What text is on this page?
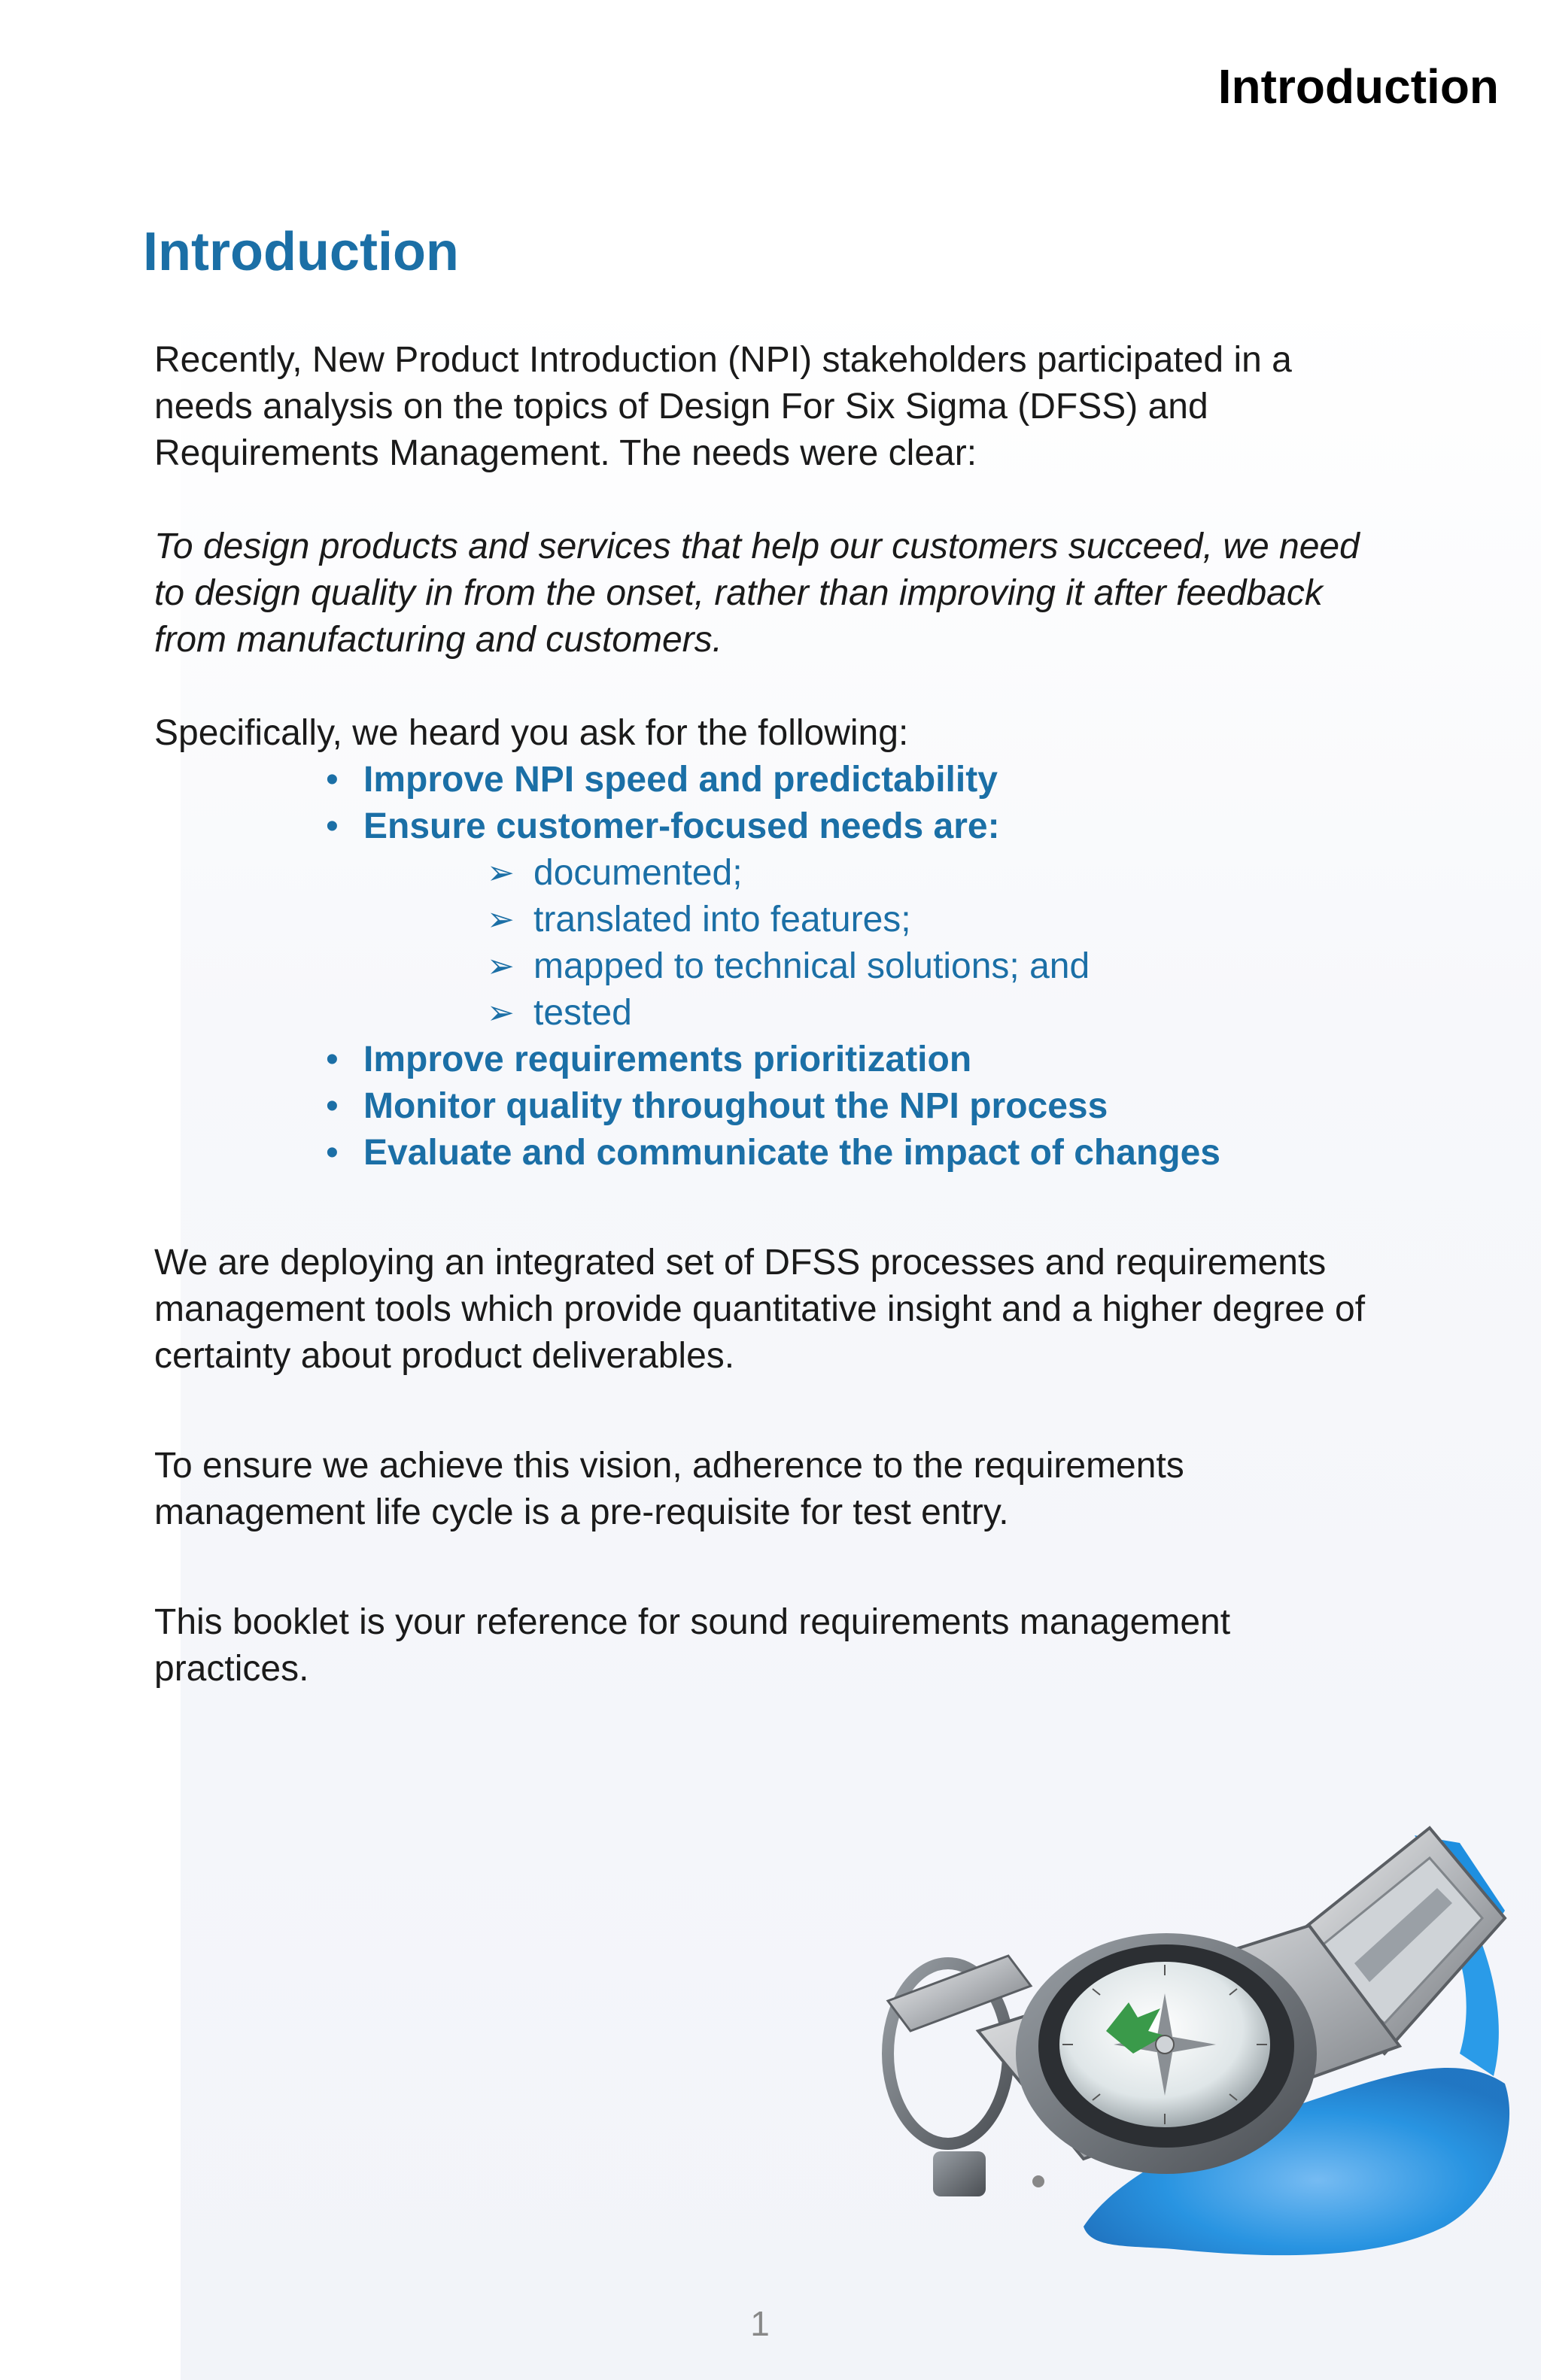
Introduction
Introduction

Recently, New Product Introduction (NPI) stakeholders participated in a needs analysis on the topics of Design For Six Sigma (DFSS) and Requirements Management. The needs were clear:

To design products and services that help our customers succeed, we need to design quality in from the onset, rather than improving it after feedback from manufacturing and customers.

Specifically, we heard you ask for the following:

• Improve NPI speed and predictability
• Ensure customer-focused needs are:
➢ documented;
➢ translated into features;
➢ mapped to technical solutions; and
➢ tested
• Improve requirements prioritization
• Monitor quality throughout the NPI process
• Evaluate and communicate the impact of changes

We are deploying an integrated set of DFSS processes and requirements management tools which provide quantitative insight and a higher degree of certainty about product deliverables.

To ensure we achieve this vision, adherence to the requirements management life cycle is a pre-requisite for test entry.

This booklet is your reference for sound requirements management practices.

1
